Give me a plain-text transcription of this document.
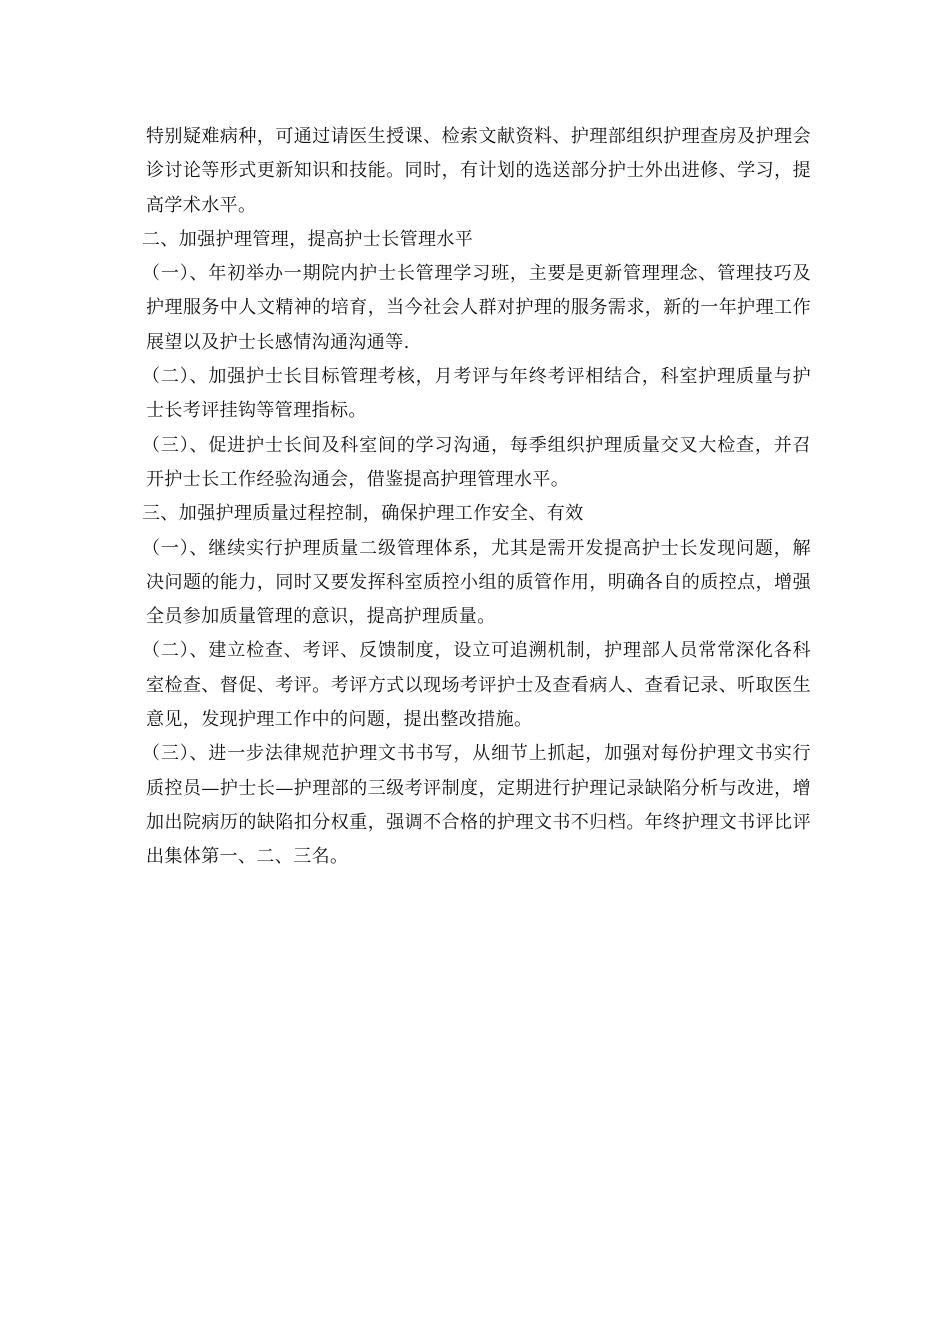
特别疑难病种，可通过请医生授课、检索文献资料、护理部组织护理查房及护理会诊讨论等形式更新知识和技能。同时，有计划的选送部分护士外出进修、学习，提高学术水平。

二、加强护理管理，提高护士长管理水平

（一）、年初举办一期院内护士长管理学习班，主要是更新管理理念、管理技巧及护理服务中人文精神的培育，当今社会人群对护理的服务需求，新的一年护理工作展望以及护士长感情沟通沟通等.

（二）、加强护士长目标管理考核，月考评与年终考评相结合，科室护理质量与护士长考评挂钩等管理指标。

（三）、促进护士长间及科室间的学习沟通，每季组织护理质量交叉大检查，并召开护士长工作经验沟通会，借鉴提高护理管理水平。

三、加强护理质量过程控制，确保护理工作安全、有效

（一）、继续实行护理质量二级管理体系，尤其是需开发提高护士长发现问题，解决问题的能力，同时又要发挥科室质控小组的质管作用，明确各自的质控点，增强全员参加质量管理的意识，提高护理质量。

（二）、建立检查、考评、反馈制度，设立可追溯机制，护理部人员常常深化各科室检查、督促、考评。考评方式以现场考评护士及查看病人、查看记录、听取医生意见，发现护理工作中的问题，提出整改措施。

（三）、进一步法律规范护理文书书写，从细节上抓起，加强对每份护理文书实行质控员—护士长—护理部的三级考评制度，定期进行护理记录缺陷分析与改进，增加出院病历的缺陷扣分权重，强调不合格的护理文书不归档。年终护理文书评比评出集体第一、二、三名。
